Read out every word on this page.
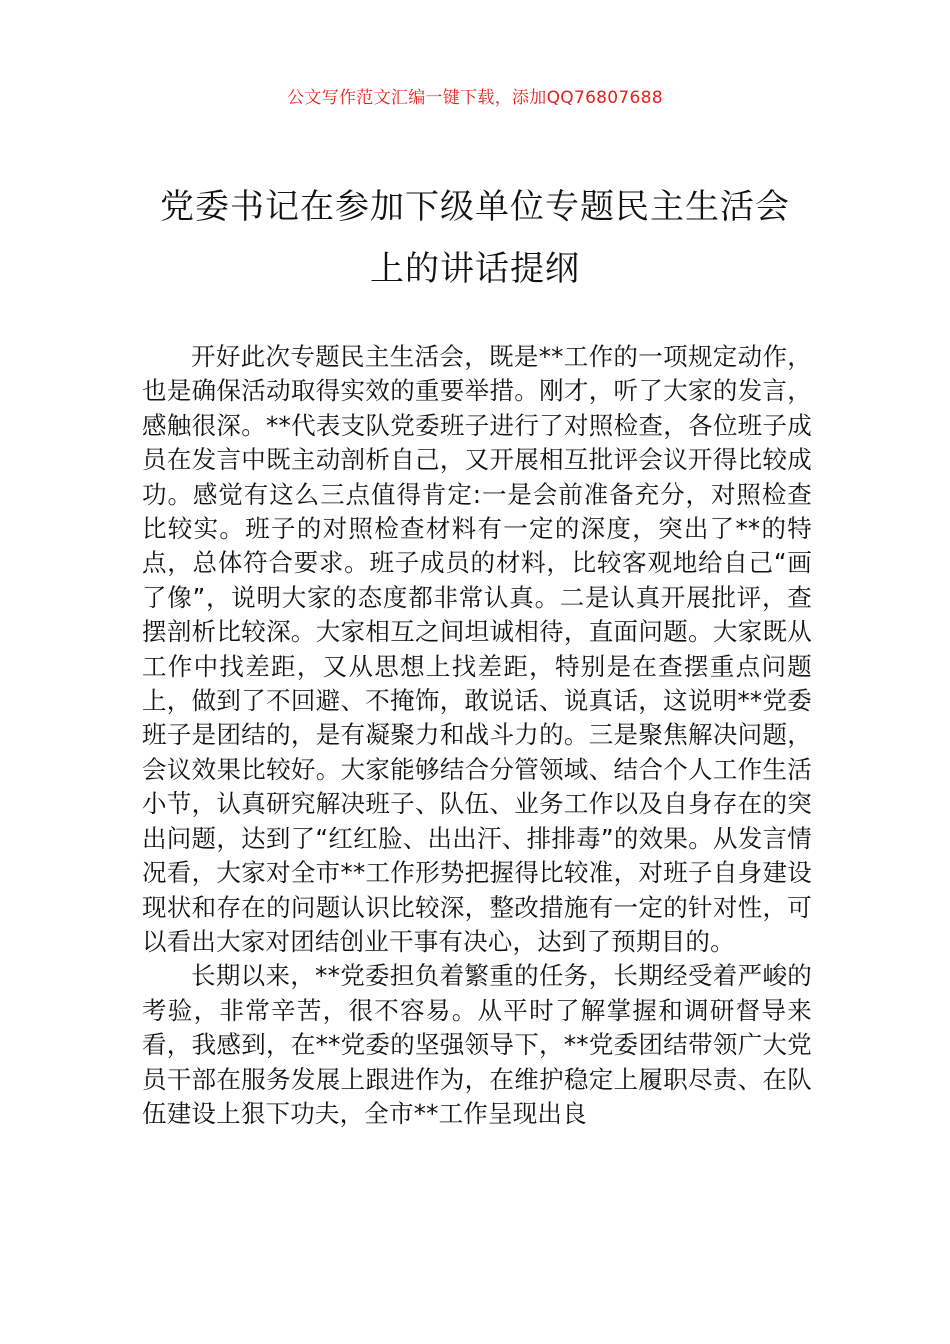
公文写作范文汇编一键下载，添加QQ76807688
党委书记在参加下级单位专题民主生活会
上的讲话提纲

开好此次专题民主生活会，既是**工作的一项规定动作，也是确保活动取得实效的重要举措。刚才，听了大家的发言，感触很深。**代表支队党委班子进行了对照检查，各位班子成员在发言中既主动剖析自己，又开展相互批评会议开得比较成功。感觉有这么三点值得肯定:一是会前准备充分，对照检查比较实。班子的对照检查材料有一定的深度，突出了**的特点，总体符合要求。班子成员的材料，比较客观地给自己“画了像”，说明大家的态度都非常认真。二是认真开展批评，查摆剖析比较深。大家相互之间坦诚相待，直面问题。大家既从工作中找差距，又从思想上找差距，特别是在查摆重点问题上，做到了不回避、不掩饰，敢说话、说真话，这说明**党委班子是团结的，是有凝聚力和战斗力的。三是聚焦解决问题，会议效果比较好。大家能够结合分管领域、结合个人工作生活小节，认真研究解决班子、队伍、业务工作以及自身存在的突出问题，达到了“红红脸、出出汗、排排毒”的效果。从发言情况看，大家对全市**工作形势把握得比较准，对班子自身建设现状和存在的问题认识比较深，整改措施有一定的针对性，可以看出大家对团结创业干事有决心，达到了预期目的。

长期以来，**党委担负着繁重的任务，长期经受着严峻的考验，非常辛苦，很不容易。从平时了解掌握和调研督导来看，我感到，在**党委的坚强领导下，**党委团结带领广大党员干部在服务发展上跟进作为，在维护稳定上履职尽责、在队伍建设上狠下功夫，全市**工作呈现出良
